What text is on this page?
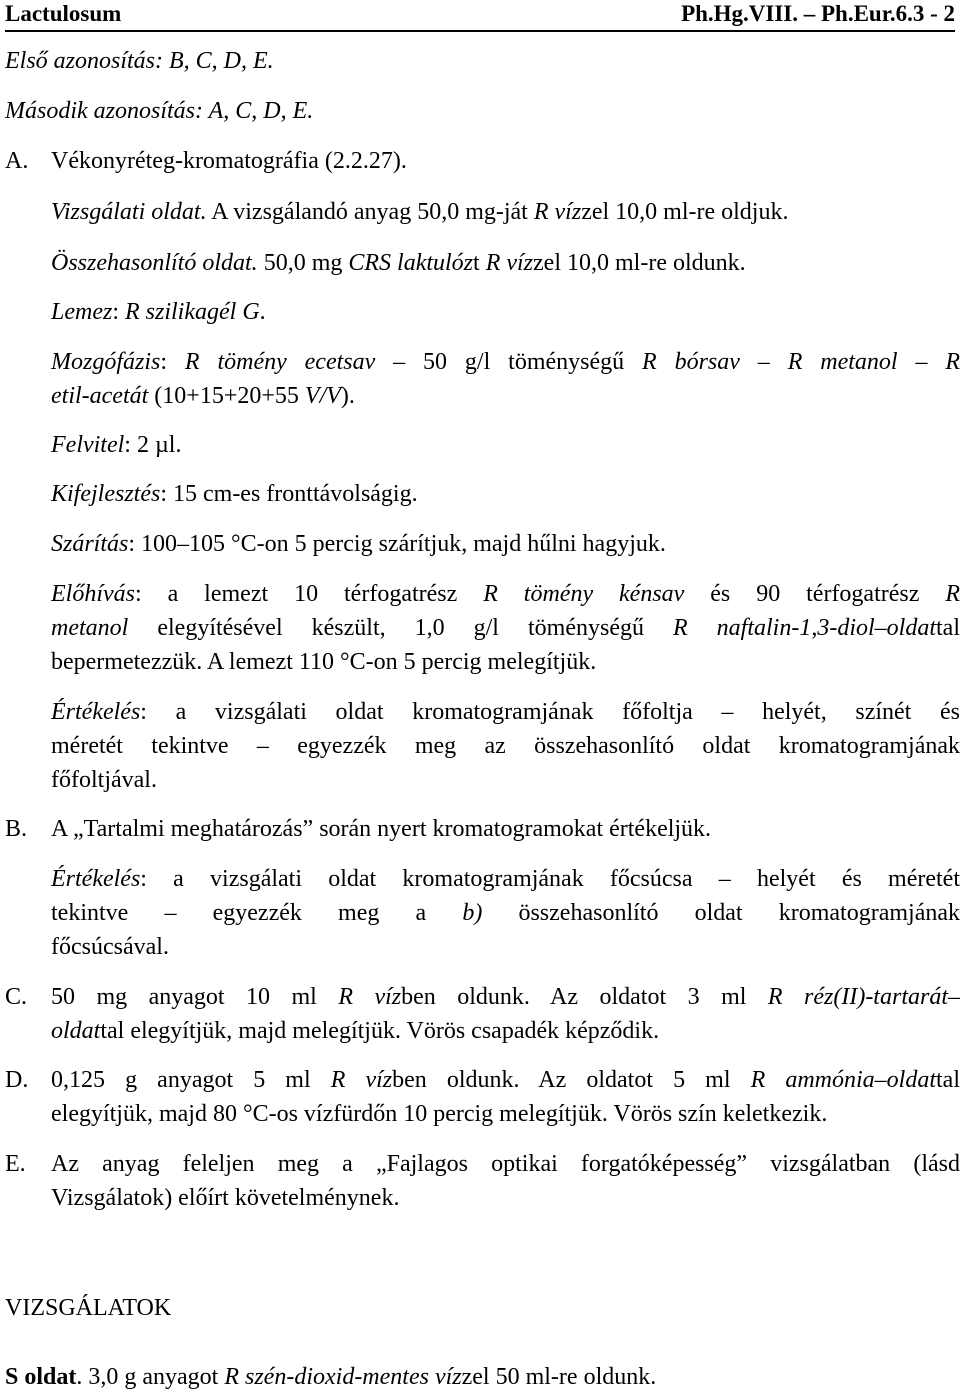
Lactulosum	Ph.Hg.VIII. – Ph.Eur.6.3 - 2
Első azonosítás: B, C, D, E.
Második azonosítás: A, C, D, E.
A. Vékonyréteg-kromatográfia (2.2.27).
Vizsgálati oldat. A vizsgálandó anyag 50,0 mg-ját R vízzel 10,0 ml-re oldjuk.
Összehasonlító oldat. 50,0 mg CRS laktulózt R vízzel 10,0 ml-re oldunk.
Lemez: R szilikagél G.
Mozgófázis: R tömény ecetsav – 50 g/l töménységű R bórsav – R metanol – R
etil-acetát (10+15+20+55 V/V).
Felvitel: 2 µl.
Kifejlesztés: 15 cm-es fronttávolságig.
Szárítás: 100–105 °C-on 5 percig szárítjuk, majd hűlni hagyjuk.
Előhívás: a lemezt 10 térfogatrész R tömény kénsav és 90 térfogatrész R
metanol elegyítésével készült, 1,0 g/l töménységű R naftalin-1,3-diol–oldattal
bepermetezzük. A lemezt 110 °C-on 5 percig melegítjük.
Értékelés: a vizsgálati oldat kromatogramjának főfoltja – helyét, színét és
méretét tekintve – egyezzék meg az összehasonlító oldat kromatogramjának
főfoltjával.
B. A „Tartalmi meghatározás” során nyert kromatogramokat értékeljük.
Értékelés: a vizsgálati oldat kromatogramjának főcsúcsa – helyét és méretét
tekintve – egyezzék meg a b) összehasonlító oldat kromatogramjának
főcsúcsával.
C. 50 mg anyagot 10 ml R vízben oldunk. Az oldatot 3 ml R réz(II)-tartarát–
oldattal elegyítjük, majd melegítjük. Vörös csapadék képződik.
D. 0,125 g anyagot 5 ml R vízben oldunk. Az oldatot 5 ml R ammónia–oldattal
elegyítjük, majd 80 °C-os vízfürdőn 10 percig melegítjük. Vörös szín keletkezik.
E. Az anyag feleljen meg a „Fajlagos optikai forgatóképesség” vizsgálatban (lásd
Vizsgálatok) előírt követelménynek.
VIZSGÁLATOK
S oldat. 3,0 g anyagot R szén-dioxid-mentes vízzel 50 ml-re oldunk.
